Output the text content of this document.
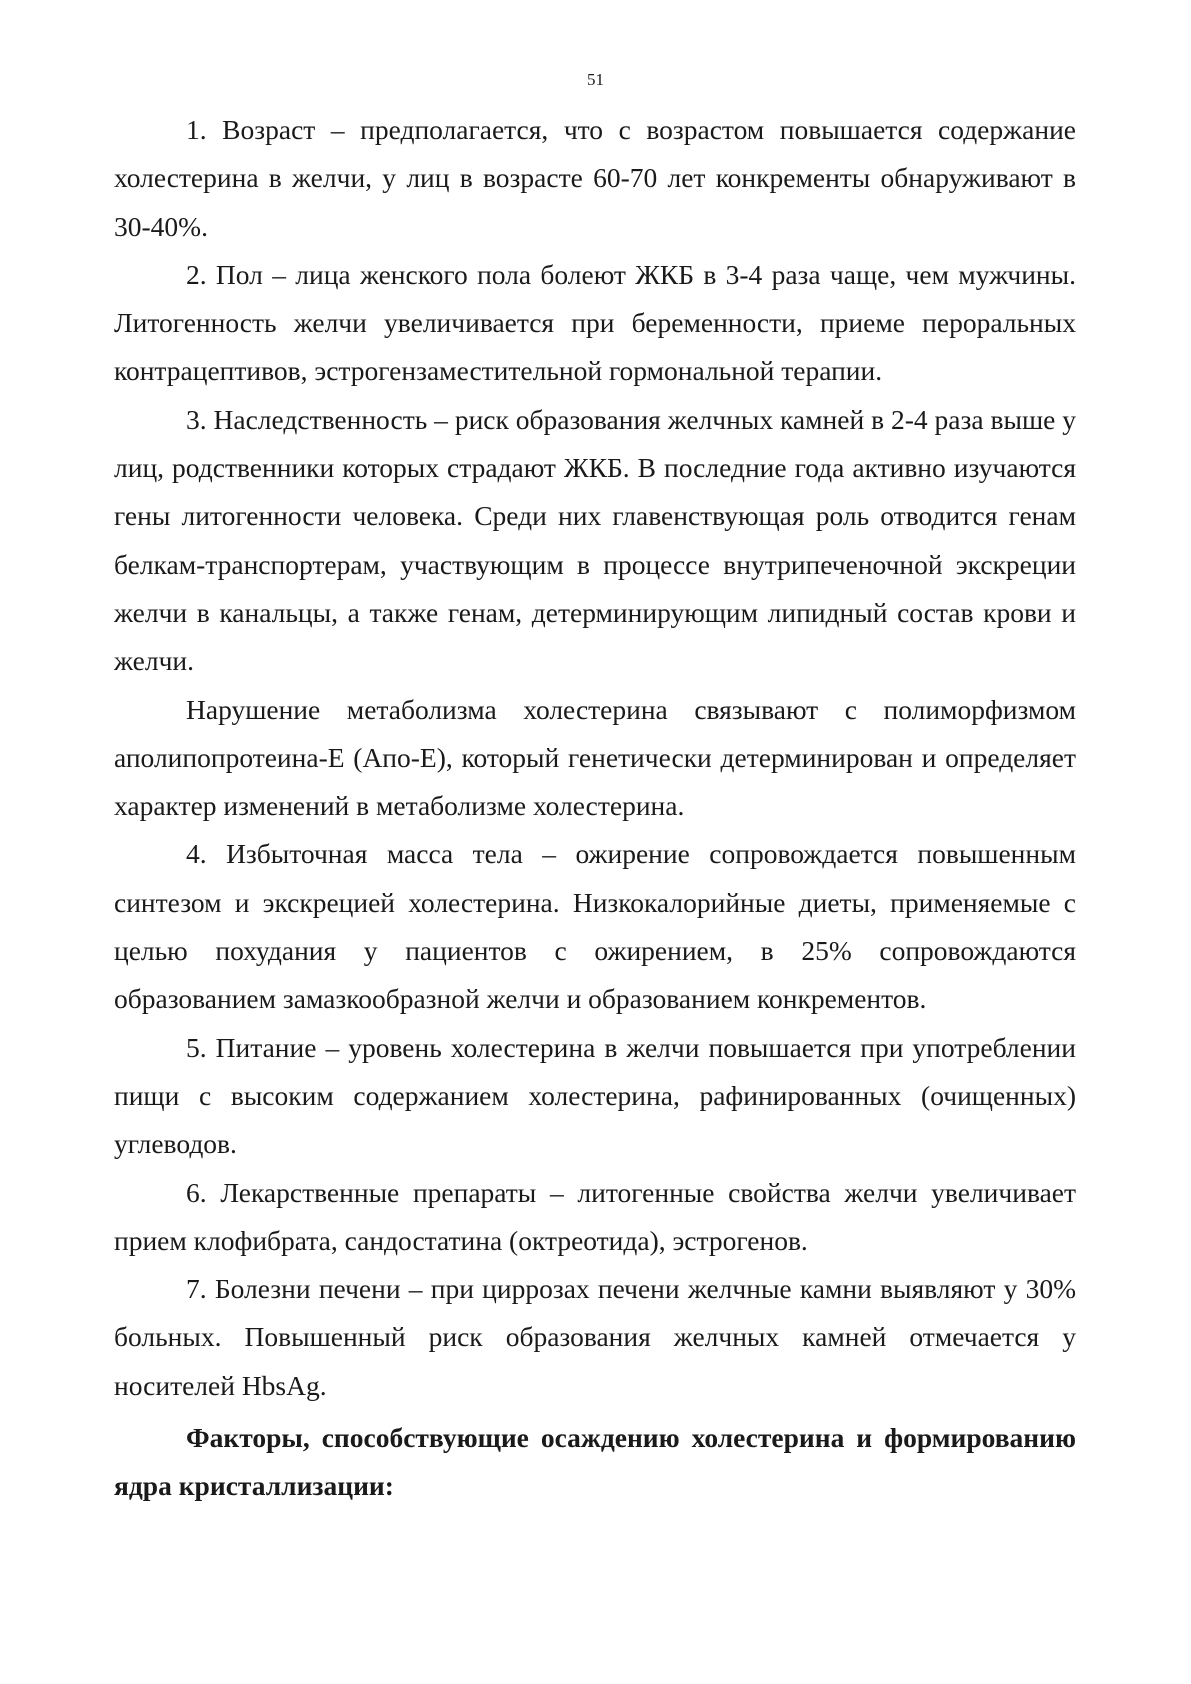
51

1. Возраст – предполагается, что с возрастом повышается содержание холестерина в желчи, у лиц в возрасте 60-70 лет конкременты обнаруживают в 30-40%.

2. Пол – лица женского пола болеют ЖКБ в 3-4 раза чаще, чем мужчины. Литогенность желчи увеличивается при беременности, приеме пероральных контрацептивов, эстрогензаместительной гормональной терапии.

3. Наследственность – риск образования желчных камней в 2-4 раза выше у лиц, родственники которых страдают ЖКБ. В последние года активно изучаются гены литогенности человека. Среди них главенствующая роль отводится генам белкам-транспортерам, участвующим в процессе внутрипеченочной экскреции желчи в канальцы, а также генам, детерминирующим липидный состав крови и желчи.

Нарушение метаболизма холестерина связывают с полиморфизмом аполипопротеина-Е (Апо-Е), который генетически детерминирован и определяет характер изменений в метаболизме холестерина.

4. Избыточная масса тела – ожирение сопровождается повышенным синтезом и экскрецией холестерина. Низкокалорийные диеты, применяемые с целью похудания у пациентов с ожирением, в 25% сопровождаются образованием замазкообразной желчи и образованием конкрементов.

5. Питание – уровень холестерина в желчи повышается при употреблении пищи с высоким содержанием холестерина, рафинированных (очищенных) углеводов.

6. Лекарственные препараты – литогенные свойства желчи увеличивает прием клофибрата, сандостатина (октреотида), эстрогенов.

7. Болезни печени – при циррозах печени желчные камни выявляют у 30% больных. Повышенный риск образования желчных камней отмечается у носителей HbsAg.

Факторы, способствующие осаждению холестерина и формированию ядра кристаллизации:
